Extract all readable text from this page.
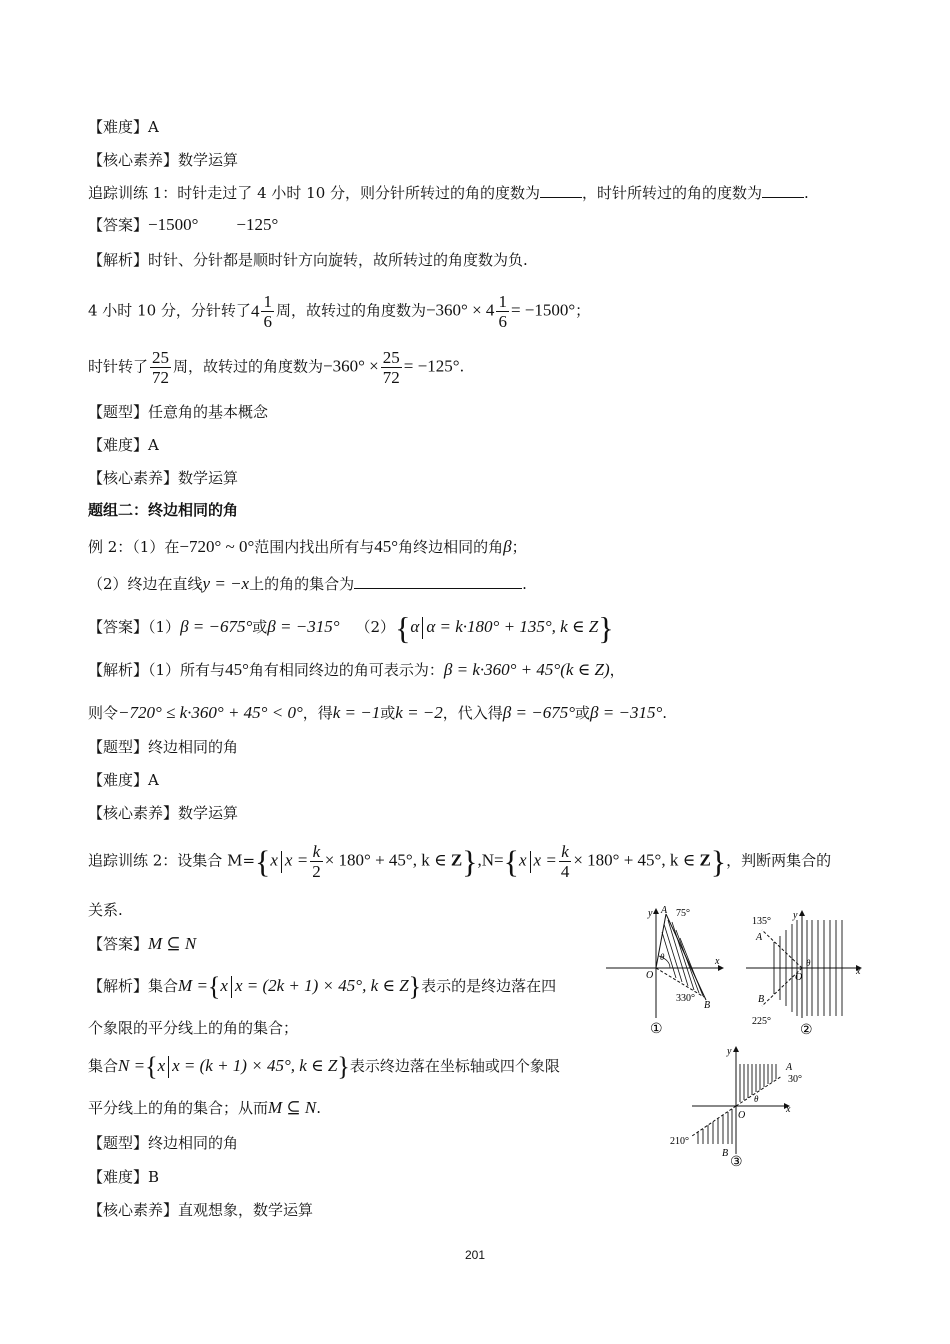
【难度】A
【核心素养】数学运算
追踪训练 1：时针走过了 4 小时 10 分，则分针所转过的角的度数为	，时针所转过的角的度数为	.
【答案】−1500° −125°
【解析】时针、分针都是顺时针方向旋转，故所转过的角度数为负.
4 小时 10 分，分针转了$4 \frac{1}{6}$ 周，故转过的角度数为$-360^\circ \times 4 \frac{1}{6} = -1500^\circ$；
时针转了 $\frac{25}{72}$ 周，故转过的角度数为$-360^\circ \times \frac{25}{72} = -125^\circ$.
【题型】任意角的基本概念
【难度】A
【核心素养】数学运算
题组二：终边相同的角
例 2：（1）在−720° ~ 0°范围内找出所有与45°角终边相同的角β；
（2）终边在直线y = −x上的角的集合为	.
【答案】（1）β = −675°或β = −315° （2）{α α = k·180° + 135°, k ∈ Z}
【解析】（1）所有与45°角有相同终边的角可表示为：β = k·360° + 45°(k ∈ Z)，
则令−720° ≤ k·360° + 45° < 0°，得k = −1或k = −2，代入得β = −675°或β = −315°.
【题型】终边相同的角
【难度】A
【核心素养】数学运算
追踪训练 2：设集合 M={x $x = \frac{k}{2} \times 180^\circ + 45^\circ$, k ∈ Z},N={x $x = \frac{k}{4} \times 180^\circ + 45^\circ$, k ∈ Z}，判断两集合的
关系.
【答案】M ⊆ N
【解析】集合M ={x x = (2k + 1) × 45°, k ∈ Z}表示的是终边落在四
个象限的平分线上的角的集合；
集合N ={x x = (k + 1) × 45°, k ∈ Z}表示终边落在坐标轴或四个象限
平分线上的角的集合；从而M ⊆ N.
【题型】终边相同的角
【难度】B
【核心素养】直观想象，数学运算
y
x
O
A 75°
θ
330°
B
①
y
x
O
θ
A
135°
B
225°
②
y
x
O
θ
A
30°
210°
B
③
201
